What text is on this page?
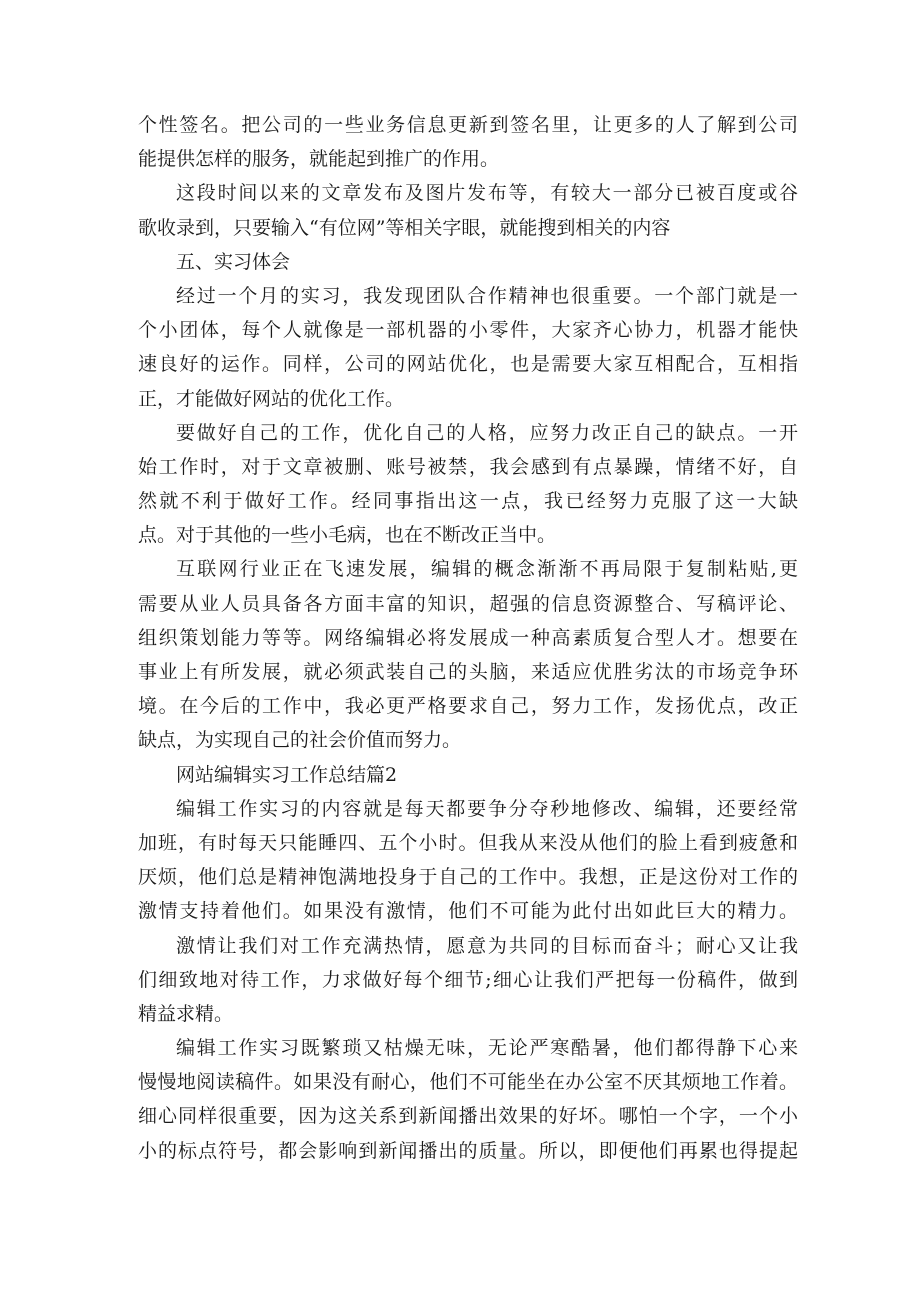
个性签名。把公司的一些业务信息更新到签名里，让更多的人了解到公司
能提供怎样的服务，就能起到推广的作用。
这段时间以来的文章发布及图片发布等，有较大一部分已被百度或谷
歌收录到，只要输入“有位网”等相关字眼，就能搜到相关的内容
五、实习体会
经过一个月的实习，我发现团队合作精神也很重要。一个部门就是一
个小团体，每个人就像是一部机器的小零件，大家齐心协力，机器才能快
速良好的运作。同样，公司的网站优化，也是需要大家互相配合，互相指
正，才能做好网站的优化工作。
要做好自己的工作，优化自己的人格，应努力改正自己的缺点。一开
始工作时，对于文章被删、账号被禁，我会感到有点暴躁，情绪不好，自
然就不利于做好工作。经同事指出这一点，我已经努力克服了这一大缺
点。对于其他的一些小毛病，也在不断改正当中。
互联网行业正在飞速发展，编辑的概念渐渐不再局限于复制粘贴,更
需要从业人员具备各方面丰富的知识，超强的信息资源整合、写稿评论、
组织策划能力等等。网络编辑必将发展成一种高素质复合型人才。想要在
事业上有所发展，就必须武装自己的头脑，来适应优胜劣汰的市场竞争环
境。在今后的工作中，我必更严格要求自己，努力工作，发扬优点，改正
缺点，为实现自己的社会价值而努力。
网站编辑实习工作总结篇2
编辑工作实习的内容就是每天都要争分夺秒地修改、编辑，还要经常
加班，有时每天只能睡四、五个小时。但我从来没从他们的脸上看到疲惫和
厌烦，他们总是精神饱满地投身于自己的工作中。我想，正是这份对工作的
激情支持着他们。如果没有激情，他们不可能为此付出如此巨大的精力。
激情让我们对工作充满热情，愿意为共同的目标而奋斗；耐心又让我
们细致地对待工作，力求做好每个细节;细心让我们严把每一份稿件，做到
精益求精。
编辑工作实习既繁琐又枯燥无味，无论严寒酷暑，他们都得静下心来
慢慢地阅读稿件。如果没有耐心，他们不可能坐在办公室不厌其烦地工作着。
细心同样很重要，因为这关系到新闻播出效果的好坏。哪怕一个字，一个小
小的标点符号，都会影响到新闻播出的质量。所以，即便他们再累也得提起
